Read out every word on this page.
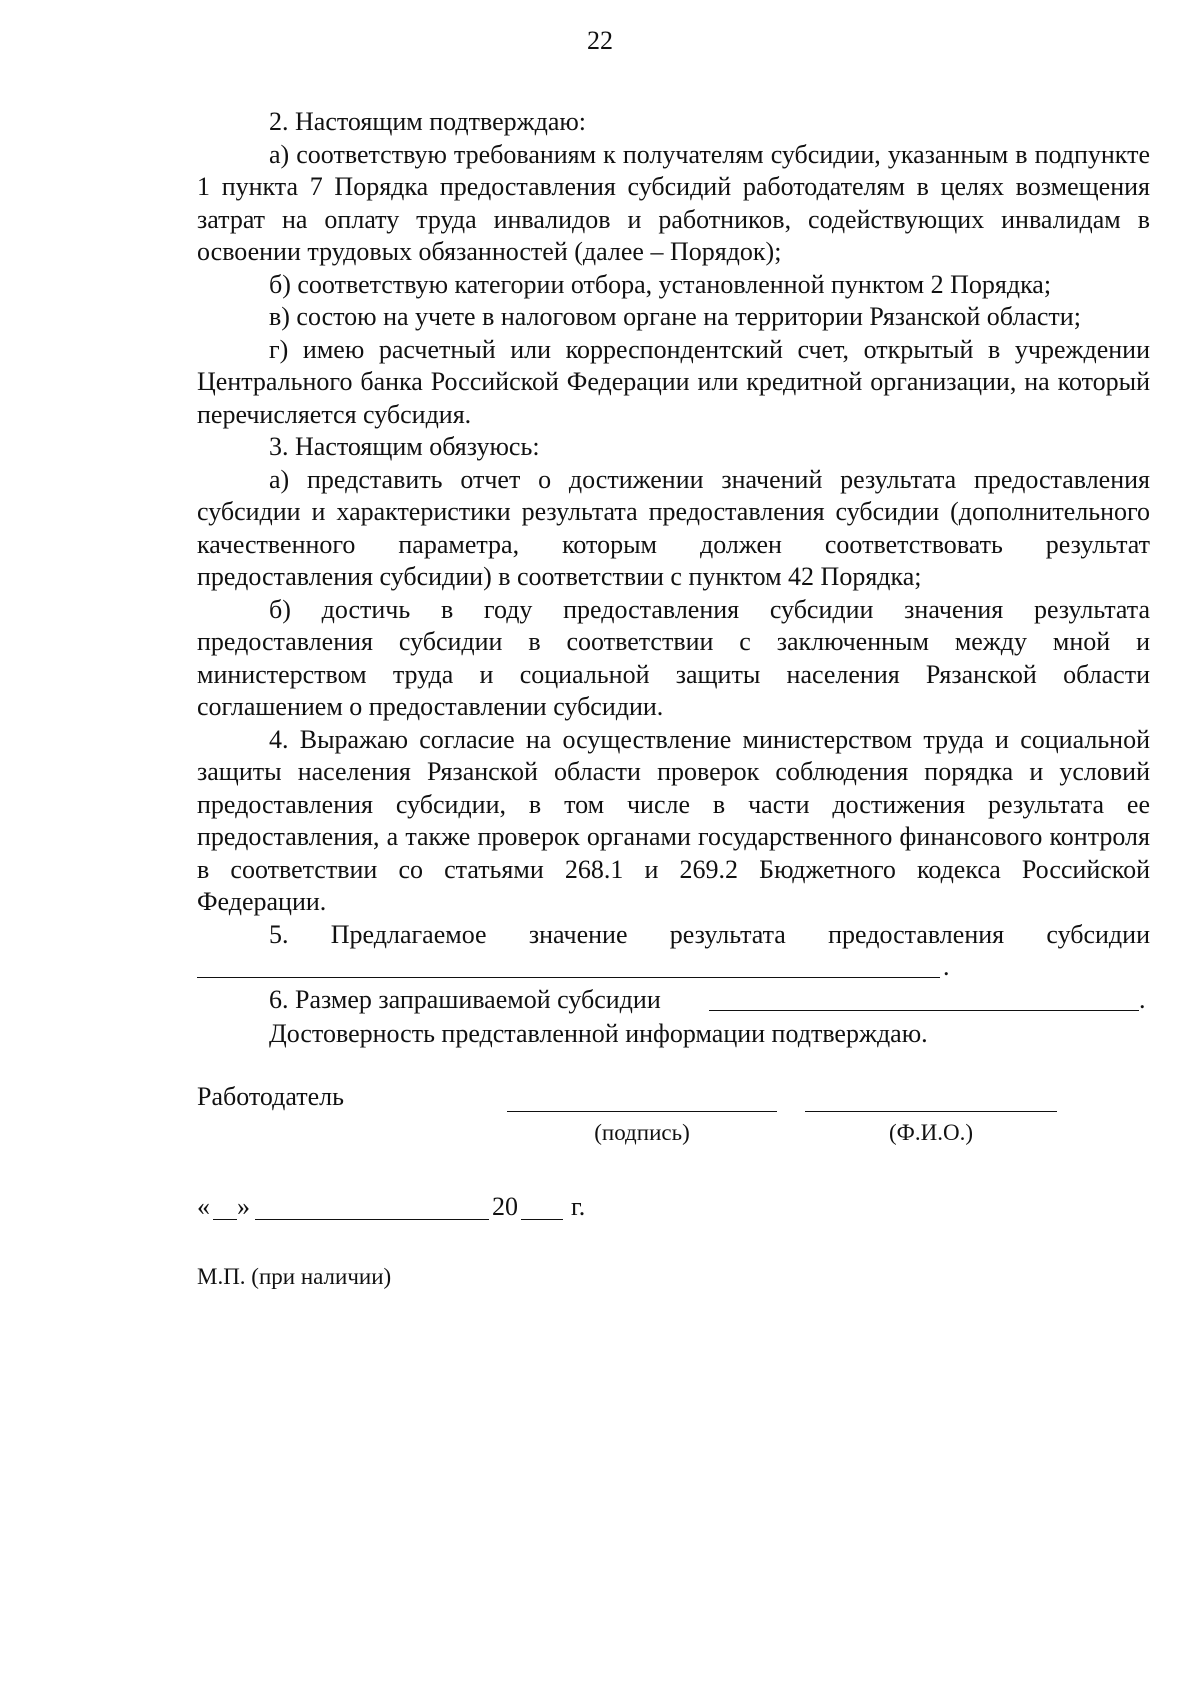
22

2. Настоящим подтверждаю:

а) соответствую требованиям к получателям субсидии, указанным в подпункте 1 пункта 7 Порядка предоставления субсидий работодателям в целях возмещения затрат на оплату труда инвалидов и работников, содействующих инвалидам в освоении трудовых обязанностей (далее – Порядок);

б) соответствую категории отбора, установленной пунктом 2 Порядка;

в) состою на учете в налоговом органе на территории Рязанской области;

г) имею расчетный или корреспондентский счет, открытый в учреждении Центрального банка Российской Федерации или кредитной организации, на который перечисляется субсидия.

3. Настоящим обязуюсь:

а) представить отчет о достижении значений результата предоставления субсидии и характеристики результата предоставления субсидии (дополнительного качественного параметра, которым должен соответствовать результат предоставления субсидии) в соответствии с пунктом 42 Порядка;

б) достичь в году предоставления субсидии значения результата предоставления субсидии в соответствии с заключенным между мной и министерством труда и социальной защиты населения Рязанской области соглашением о предоставлении субсидии.

4. Выражаю согласие на осуществление министерством труда и социальной защиты населения Рязанской области проверок соблюдения порядка и условий предоставления субсидии, в том числе в части достижения результата ее предоставления, а также проверок органами государственного финансового контроля в соответствии со статьями 268.1 и 269.2 Бюджетного кодекса Российской Федерации.

5. Предлагаемое значение результата предоставления субсидии

.
6. Размер запрашиваемой субсидии	.

Достоверность представленной информации подтверждаю.

Работодатель
(подпись)	(Ф.И.О.)
« »	20 г.
М.П. (при наличии)
